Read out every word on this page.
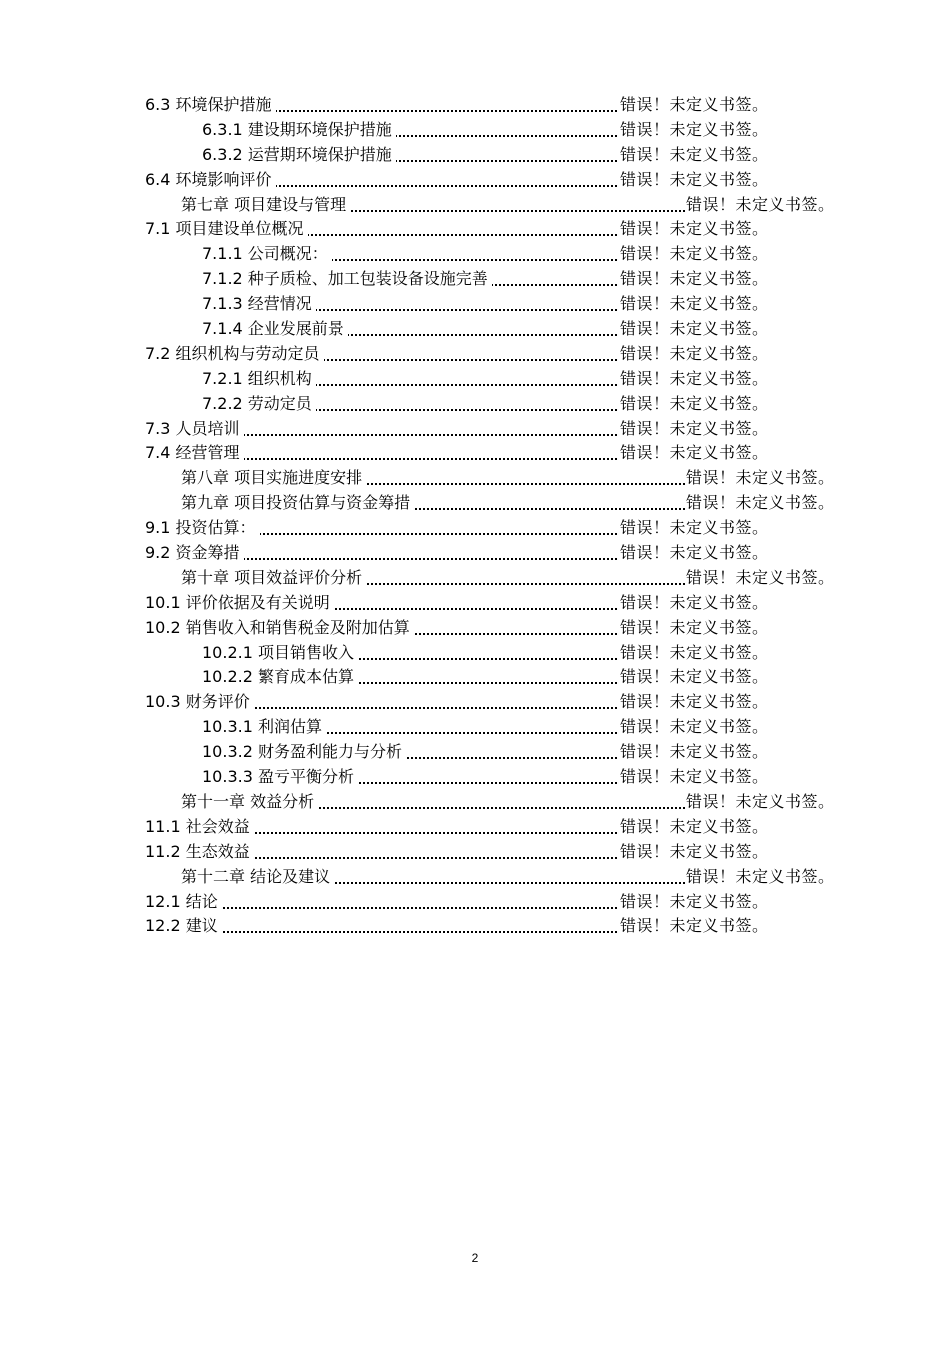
6.3 环境保护措施	错误！未定义书签。
6.3.1 建设期环境保护措施	错误！未定义书签。
6.3.2 运营期环境保护措施	错误！未定义书签。
6.4 环境影响评价	错误！未定义书签。
第七章 项目建设与管理	错误！未定义书签。
7.1 项目建设单位概况	错误！未定义书签。
7.1.1 公司概况：	错误！未定义书签。
7.1.2 种子质检、加工包装设备设施完善	错误！未定义书签。
7.1.3 经营情况	错误！未定义书签。
7.1.4 企业发展前景	错误！未定义书签。
7.2 组织机构与劳动定员	错误！未定义书签。
7.2.1 组织机构	错误！未定义书签。
7.2.2 劳动定员	错误！未定义书签。
7.3 人员培训	错误！未定义书签。
7.4 经营管理	错误！未定义书签。
第八章 项目实施进度安排	错误！未定义书签。
第九章 项目投资估算与资金筹措	错误！未定义书签。
9.1 投资估算：	错误！未定义书签。
9.2 资金筹措	错误！未定义书签。
第十章 项目效益评价分析	错误！未定义书签。
10.1 评价依据及有关说明	错误！未定义书签。
10.2 销售收入和销售税金及附加估算	错误！未定义书签。
10.2.1 项目销售收入	错误！未定义书签。
10.2.2 繁育成本估算	错误！未定义书签。
10.3 财务评价	错误！未定义书签。
10.3.1 利润估算	错误！未定义书签。
10.3.2 财务盈利能力与分析	错误！未定义书签。
10.3.3 盈亏平衡分析	错误！未定义书签。
第十一章 效益分析	错误！未定义书签。
11.1 社会效益	错误！未定义书签。
11.2 生态效益	错误！未定义书签。
第十二章 结论及建议	错误！未定义书签。
12.1 结论	错误！未定义书签。
12.2 建议	错误！未定义书签。
2
